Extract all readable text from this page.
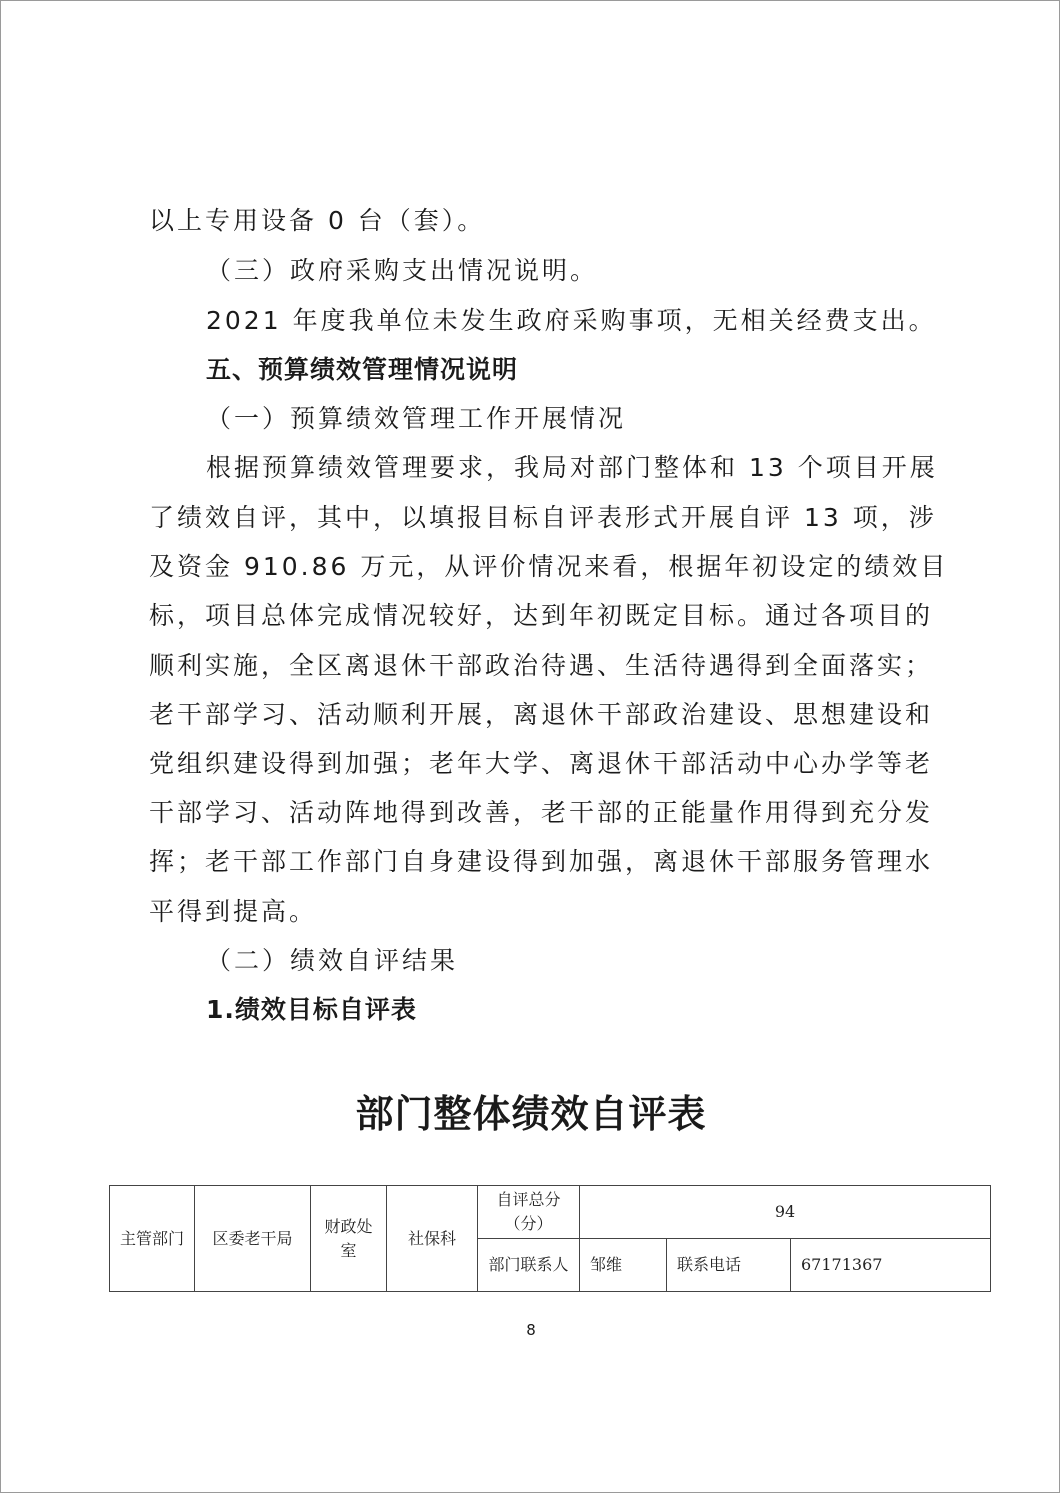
以上专用设备 0 台（套）。
（三）政府采购支出情况说明。
2021 年度我单位未发生政府采购事项，无相关经费支出。
五、预算绩效管理情况说明
（一）预算绩效管理工作开展情况
根据预算绩效管理要求，我局对部门整体和 13 个项目开展
了绩效自评，其中，以填报目标自评表形式开展自评 13 项，涉
及资金 910.86 万元，从评价情况来看，根据年初设定的绩效目
标，项目总体完成情况较好，达到年初既定目标。通过各项目的
顺利实施，全区离退休干部政治待遇、生活待遇得到全面落实；
老干部学习、活动顺利开展，离退休干部政治建设、思想建设和
党组织建设得到加强；老年大学、离退休干部活动中心办学等老
干部学习、活动阵地得到改善，老干部的正能量作用得到充分发
挥；老干部工作部门自身建设得到加强，离退休干部服务管理水
平得到提高。
（二）绩效自评结果
1.绩效目标自评表
部门整体绩效自评表
主管部门	区委老干局	财政处室	社保科	自评总分（分）	94		
				部门联系人	邹维	联系电话	67171367
8
